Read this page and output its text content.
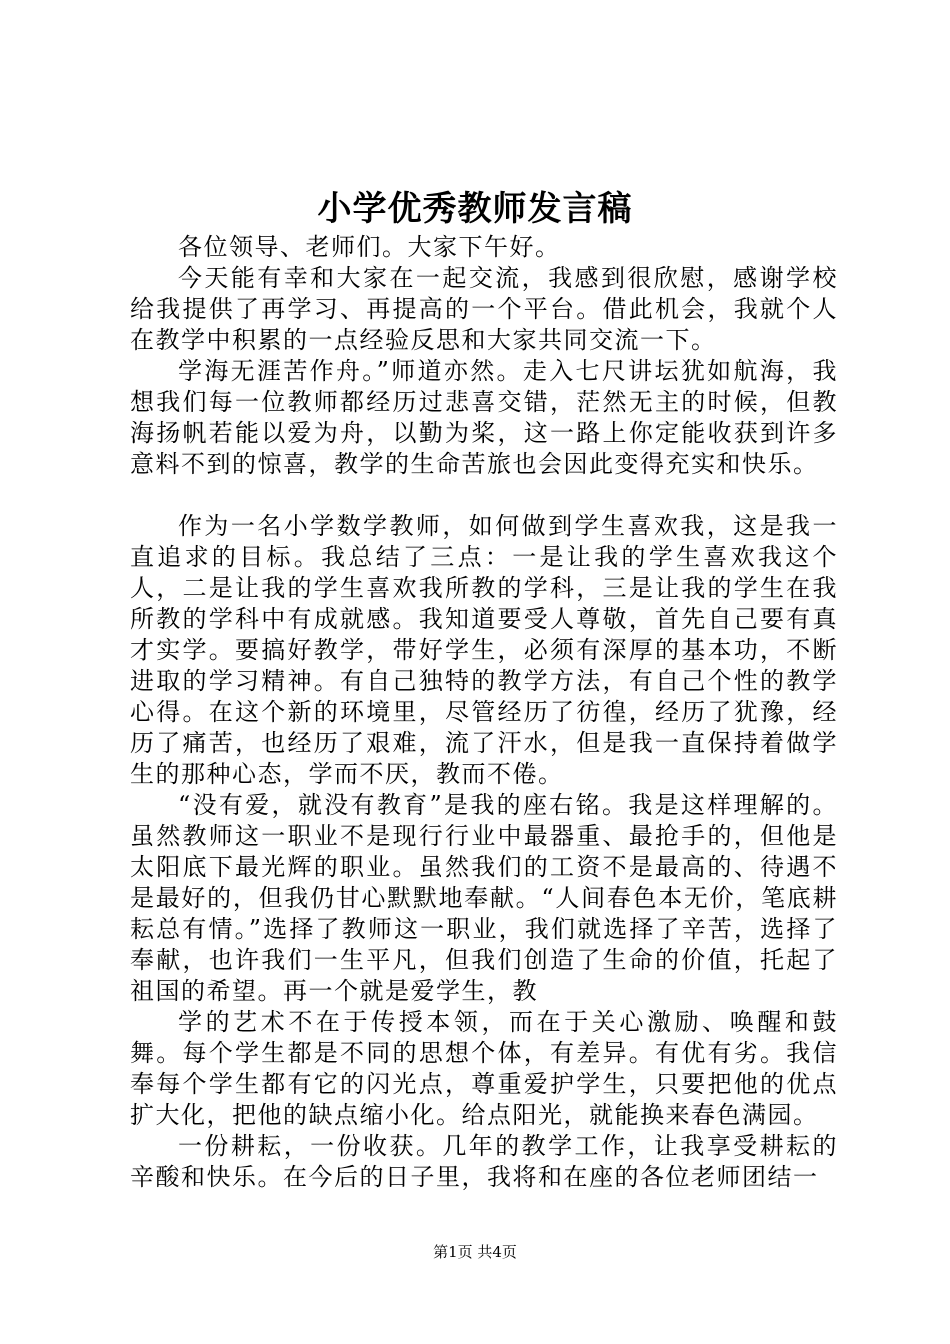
小学优秀教师发言稿

各位领导、老师们。大家下午好。

今天能有幸和大家在一起交流，我感到很欣慰，感谢学校给我提供了再学习、再提高的一个平台。借此机会，我就个人在教学中积累的一点经验反思和大家共同交流一下。

学海无涯苦作舟。”师道亦然。走入七尺讲坛犹如航海，我想我们每一位教师都经历过悲喜交错，茫然无主的时候，但教海扬帆若能以爱为舟，以勤为桨，这一路上你定能收获到许多意料不到的惊喜，教学的生命苦旅也会因此变得充实和快乐。

作为一名小学数学教师，如何做到学生喜欢我，这是我一直追求的目标。我总结了三点：一是让我的学生喜欢我这个人，二是让我的学生喜欢我所教的学科，三是让我的学生在我所教的学科中有成就感。我知道要受人尊敬，首先自己要有真才实学。要搞好教学，带好学生，必须有深厚的基本功，不断进取的学习精神。有自己独特的教学方法，有自己个性的教学心得。在这个新的环境里，尽管经历了彷徨，经历了犹豫，经历了痛苦，也经历了艰难，流了汗水，但是我一直保持着做学生的那种心态，学而不厌，教而不倦。

“没有爱，就没有教育”是我的座右铭。我是这样理解的。虽然教师这一职业不是现行行业中最器重、最抢手的，但他是太阳底下最光辉的职业。虽然我们的工资不是最高的、待遇不是最好的，但我仍甘心默默地奉献。“人间春色本无价，笔底耕耘总有情。”选择了教师这一职业，我们就选择了辛苦，选择了奉献，也许我们一生平凡，但我们创造了生命的价值，托起了祖国的希望。再一个就是爱学生，教

学的艺术不在于传授本领，而在于关心激励、唤醒和鼓舞。每个学生都是不同的思想个体，有差异。有优有劣。我信奉每个学生都有它的闪光点，尊重爱护学生，只要把他的优点扩大化，把他的缺点缩小化。给点阳光，就能换来春色满园。

一份耕耘，一份收获。几年的教学工作，让我享受耕耘的辛酸和快乐。在今后的日子里，我将和在座的各位老师团结一

第1页 共4页
